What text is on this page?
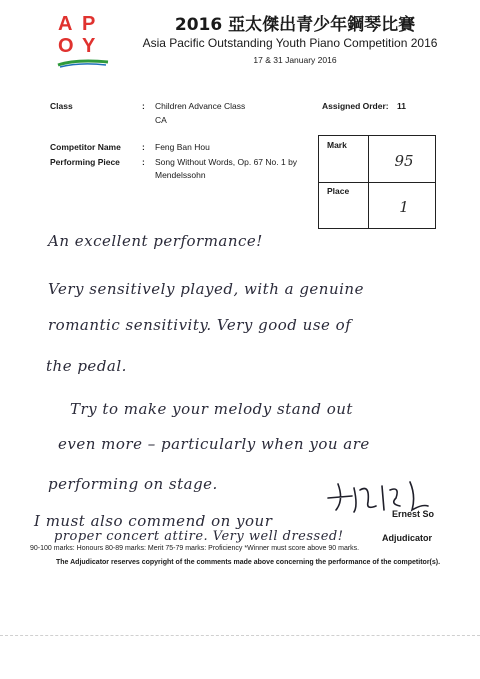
A P
O Y
2016 亞太傑出青少年鋼琴比賽
Asia Pacific Outstanding Youth Piano Competition 2016
17 & 31 January 2016
Class	: Children Advance Class
CA
Assigned Order: 11
Competitor Name : Feng Ban Hou
Performing Piece	: Song Without Words, Op. 67 No. 1 by
Mendelssohn
Mark
95
Place
1
An excellent performance!
Very sensitively played, with a genuine
romantic sensitivity. Very good use of
the pedal.
Try to make your melody stand out
even more – particularly when you are
performing on stage.
I must also commend on your
proper concert attire. Very well dressed!
Ernest So
Adjudicator
90-100 marks: Honours 80-89 marks: Merit 75-79 marks: Proficiency *Winner must score above 90 marks.
The Adjudicator reserves copyright of the comments made above concerning the performance of the competitor(s).
